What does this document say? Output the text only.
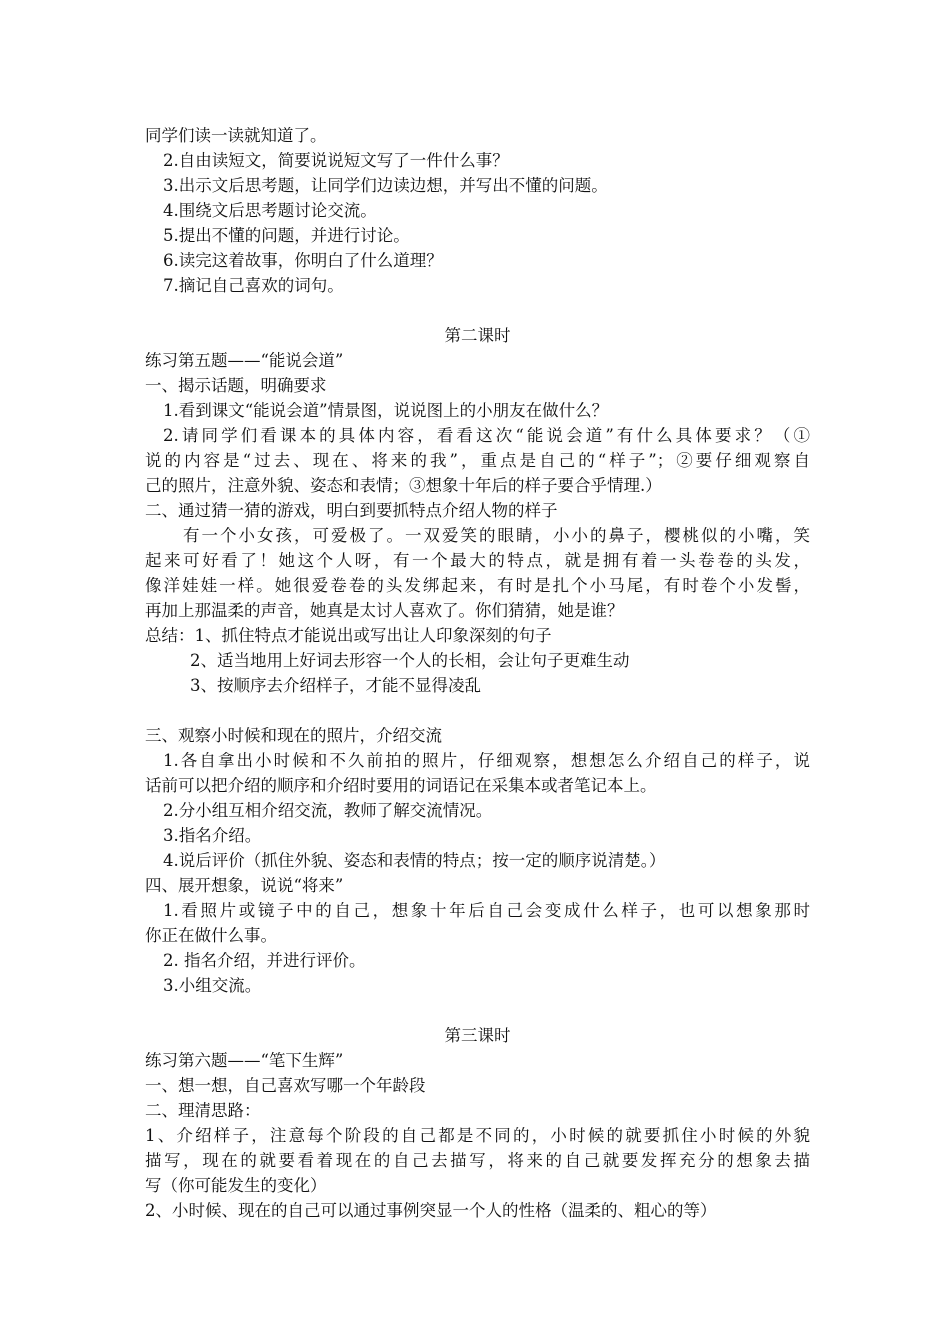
同学们读一读就知道了。
2.自由读短文，简要说说短文写了一件什么事？
3.出示文后思考题，让同学们边读边想，并写出不懂的问题。
4.围绕文后思考题讨论交流。
5.提出不懂的问题，并进行讨论。
6.读完这着故事，你明白了什么道理？
7.摘记自己喜欢的词句。
第二课时
练习第五题——“能说会道”
一、揭示话题，明确要求
1.看到课文“能说会道”情景图，说说图上的小朋友在做什么？
2.请同学们看课本的具体内容，看看这次“能说会道”有什么具体要求？（①
说的内容是“过去、现在、将来的我”，重点是自己的“样子”；②要仔细观察自
己的照片，注意外貌、姿态和表情；③想象十年后的样子要合乎情理.）
二、通过猜一猜的游戏，明白到要抓特点介绍人物的样子
有一个小女孩，可爱极了。一双爱笑的眼睛，小小的鼻子，樱桃似的小嘴，笑
起来可好看了！她这个人呀，有一个最大的特点，就是拥有着一头卷卷的头发，
像洋娃娃一样。她很爱卷卷的头发绑起来，有时是扎个小马尾，有时卷个小发髻，
再加上那温柔的声音，她真是太讨人喜欢了。你们猜猜，她是谁？
总结：1、抓住特点才能说出或写出让人印象深刻的句子
2、适当地用上好词去形容一个人的长相，会让句子更难生动
3、按顺序去介绍样子，才能不显得凌乱
三、观察小时候和现在的照片，介绍交流
1.各自拿出小时候和不久前拍的照片，仔细观察，想想怎么介绍自己的样子，说
话前可以把介绍的顺序和介绍时要用的词语记在采集本或者笔记本上。
2.分小组互相介绍交流，教师了解交流情况。
3.指名介绍。
4.说后评价（抓住外貌、姿态和表情的特点；按一定的顺序说清楚。）
四、展开想象，说说“将来”
1.看照片或镜子中的自己，想象十年后自己会变成什么样子，也可以想象那时
你正在做什么事。
2. 指名介绍，并进行评价。
3.小组交流。
第三课时
练习第六题——“笔下生辉”
一、想一想，自己喜欢写哪一个年龄段
二、理清思路：
1、介绍样子，注意每个阶段的自己都是不同的，小时候的就要抓住小时候的外貌
描写，现在的就要看着现在的自己去描写，将来的自己就要发挥充分的想象去描
写（你可能发生的变化）
2、小时候、现在的自己可以通过事例突显一个人的性格（温柔的、粗心的等）
